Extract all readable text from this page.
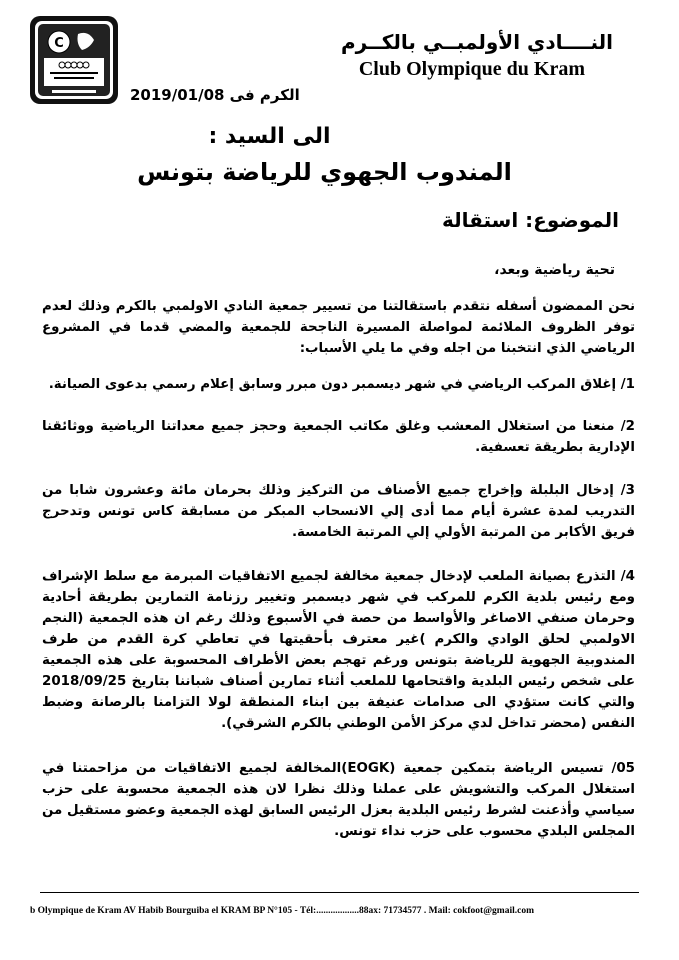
C	النــــادي الأولمبــي بالكــرم
Club Olympique du Kram
الكرم فى 2019/01/08
الى السيد :
المندوب الجهوي للرياضة بتونس
الموضوع: استقالة
تحية رياضية وبعد،
نحن الممضون أسفله نتقدم باستقالتنا من تسيير جمعية النادي الاولمبي بالكرم وذلك لعدم توفر الظروف الملائمة لمواصلة المسيرة الناجحة للجمعية والمضي قدما في المشروع الرياضي الذي انتخبنا من اجله وفي ما يلي الأسباب:
1/ إغلاق المركب الرياضي في شهر ديسمبر دون مبرر وسابق إعلام رسمي بدعوى الصيانة.
2/ منعنا من استغلال المعشب وغلق مكاتب الجمعية وحجز جميع معداتنا الرياضية ووثائقنا الإدارية بطريقة تعسفية.
3/ إدخال البلبلة وإخراج جميع الأصناف من التركيز وذلك بحرمان مائة وعشرون شابا من التدريب لمدة عشرة أيام مما أدى إلي الانسحاب المبكر من مسابقة كاس تونس وتدحرج فريق الأكابر من المرتبة الأولي إلي المرتبة الخامسة.
4/ التذرع بصيانة الملعب لإدخال جمعية مخالفة لجميع الاتفاقيات المبرمة مع سلط الإشراف ومع رئيس بلدية الكرم للمركب في شهر ديسمبر وتغيير رزنامة التمارين بطريقة أحادية وحرمان صنفي الاصاغر والأواسط من حصة في الأسبوع وذلك رغم ان هذه الجمعية (النجم الاولمبي لحلق الوادي والكرم )غير معترف بأحقيتها في تعاطي كرة القدم من طرف المندوبية الجهوية للرياضة بتونس ورغم تهجم بعض الأطراف المحسوبة على هذه الجمعية على شخص رئيس البلدية واقتحامها للملعب أثناء تمارين أصناف شباننا بتاريخ 2018/09/25 والتي كانت ستؤدي الى صدامات عنيفة بين ابناء المنطقة لولا التزامنا بالرصانة وضبط النفس (محضر تداخل لدي مركز الأمن الوطني بالكرم الشرقي).
05/ تسيس الرياضة بتمكين جمعية (EOGK)المخالفة لجميع الاتفاقيات من مزاحمتنا في استغلال المركب والتشويش على عملنا وذلك نظرا لان هذه الجمعية محسوبة على حزب سياسي وأذعنت لشرط رئيس البلدية بعزل الرئيس السابق لهذه الجمعية وعضو مستقيل من المجلس البلدي محسوب على حزب نداء تونس.
b Olympique de Kram AV Habib Bourguiba el KRAM BP N°105 - Tél:..................88ax: 71734577 . Mail: cokfoot@gmail.com
